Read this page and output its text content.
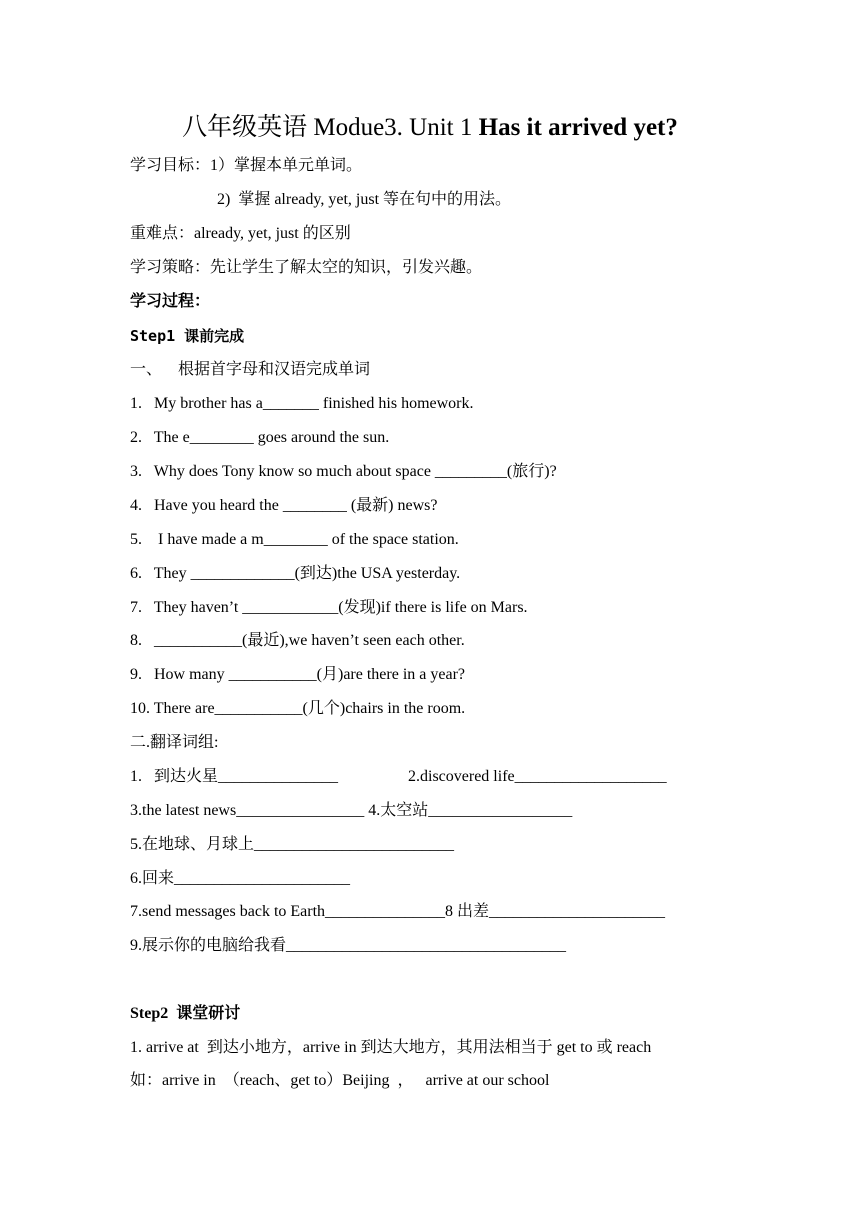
八年级英语 Modue3. Unit 1 Has it arrived yet?
学习目标：1）掌握本单元单词。
2)  掌握 already, yet, just 等在句中的用法。
重难点：already, yet, just 的区别
学习策略：先让学生了解太空的知识，引发兴趣。
学习过程：
Step1 课前完成
一、    根据首字母和汉语完成单词
1.   My brother has a_______ finished his homework.
2.   The e________ goes around the sun.
3.   Why does Tony know so much about space _________(旅行)?
4.   Have you heard the ________ (最新) news?
5.    I have made a m________ of the space station.
6.   They _____________(到达)the USA yesterday.
7.   They haven’t ____________(发现)if there is life on Mars.
8.   ___________(最近),we haven’t seen each other.
9.   How many ___________(月)are there in a year?
10. There are___________(几个)chairs in the room.
二.翻译词组:
1.   到达火星_______________	2.discovered life___________________
3.the latest news________________ 4.太空站__________________
5.在地球、月球上_________________________
6.回来______________________
7.send messages back to Earth_______________8 出差______________________
9.展示你的电脑给我看___________________________________
Step2  课堂研讨
1. arrive at  到达小地方，arrive in 到达大地方，其用法相当于 get to 或 reach
如：arrive in  （reach、get to）Beijing  ，   arrive at our school
